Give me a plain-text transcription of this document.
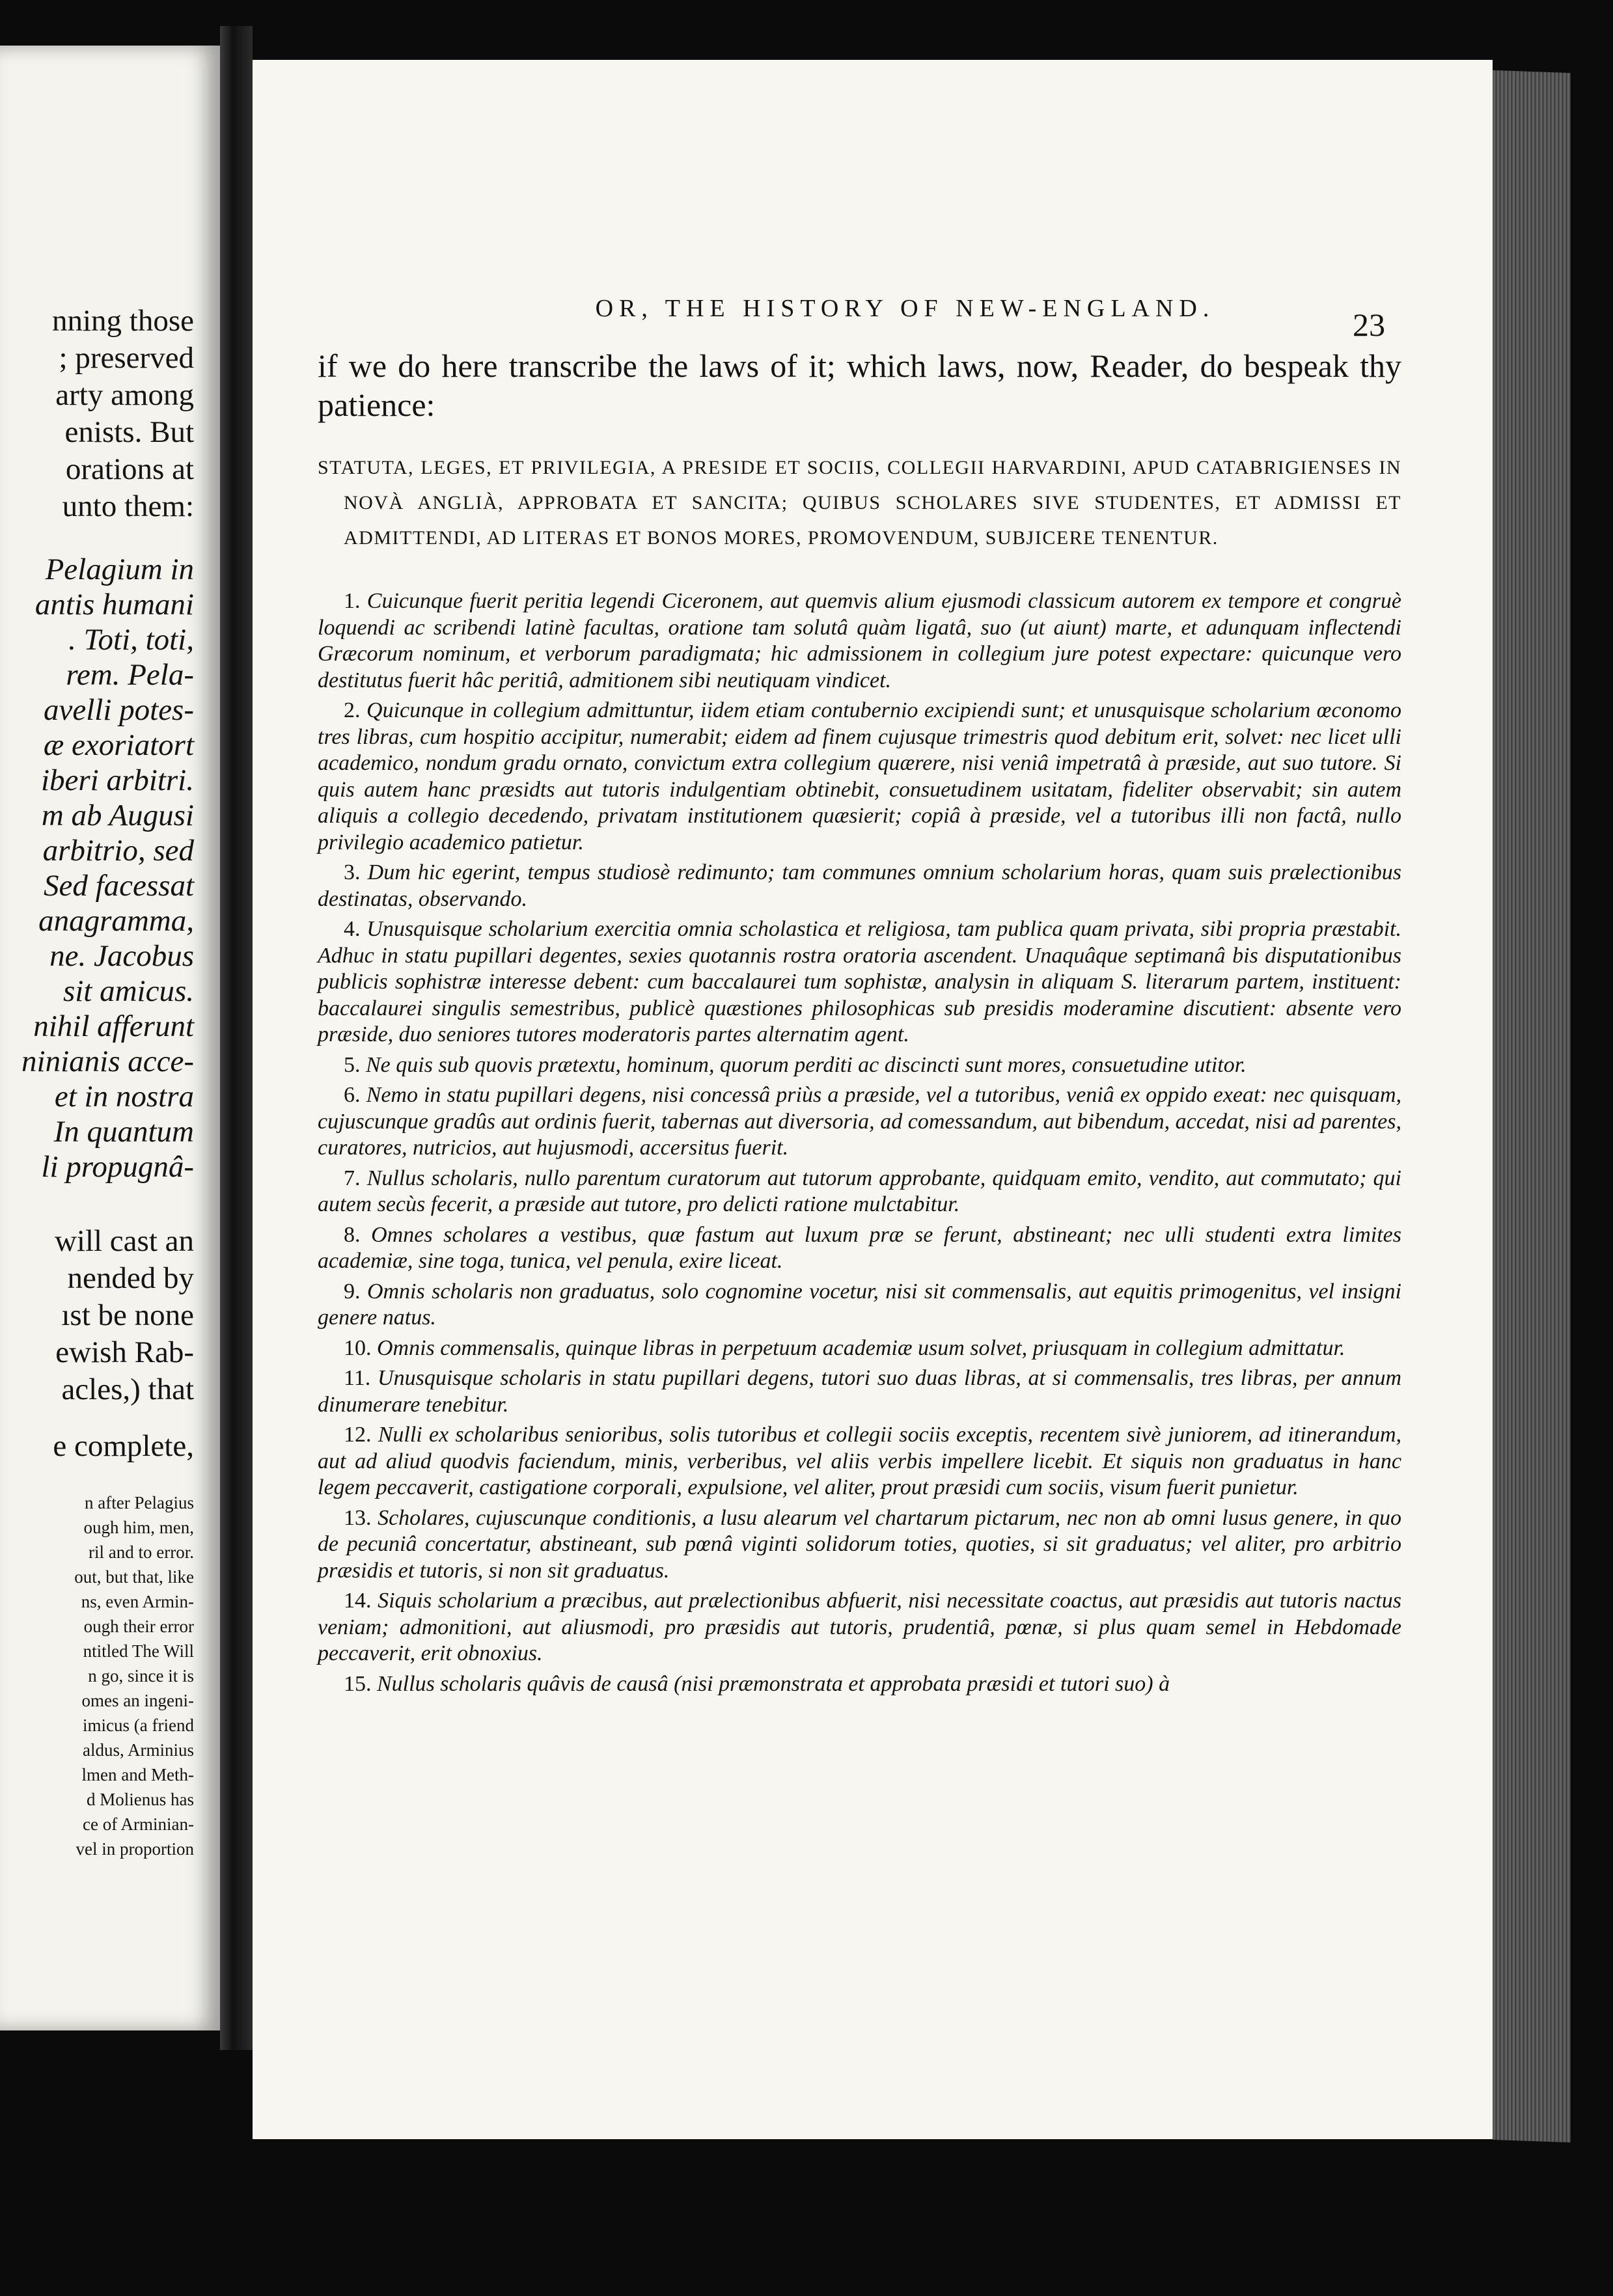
nning those
; preserved
arty among
enists. But
orations at
unto them:
Pelagium in
antis humani
. Toti, toti,
rem. Pela-
avelli potes-
æ exoriatort
iberi arbitri.
m ab Augusi
arbitrio, sed
Sed facessat
anagramma,
ne. Jacobus
sit amicus.
nihil afferunt
ninianis acce-
et in nostra
In quantum
li propugnâ-
will cast an
nended by
ıst be none
ewish Rab-
acles,) that
e complete,
n after Pelagius
ough him, men,
ril and to error.
out, but that, like
ns, even Armin-
ough their error
ntitled The Will
n go, since it is
omes an ingeni-
imicus (a friend
aldus, Arminius
lmen and Meth-
d Molienus has
ce of Arminian-
vel in proportion
OR, THE HISTORY OF NEW-ENGLAND.	23
if we do here transcribe the laws of it; which laws, now, Reader, do bespeak thy patience:
STATUTA, LEGES, ET PRIVILEGIA, A PRESIDE ET SOCIIS, COLLEGII HARVARDINI, APUD CATABRIGIENSES IN NOVÀ ANGLIÀ, APPROBATA ET SANCITA; QUIBUS SCHOLARES SIVE STUDENTES, ET ADMISSI ET ADMITTENDI, AD LITERAS ET BONOS MORES, PROMOVENDUM, SUBJICERE TENENTUR.

1. Cuicunque fuerit peritia legendi Ciceronem, aut quemvis alium ejusmodi classicum autorem ex tempore et congruè loquendi ac scribendi latinè facultas, oratione tam solutâ quàm ligatâ, suo (ut aiunt) marte, et adunquam inflectendi Græcorum nominum, et verborum paradigmata; hic admissionem in collegium jure potest expectare: quicunque vero destitutus fuerit hâc peritiâ, admitionem sibi neutiquam vindicet.

2. Quicunque in collegium admittuntur, iidem etiam contubernio excipiendi sunt; et unusquisque scholarium œconomo tres libras, cum hospitio accipitur, numerabit; eidem ad finem cujusque trimestris quod debitum erit, solvet: nec licet ulli academico, nondum gradu ornato, convictum extra collegium quærere, nisi veniâ impetratâ à præside, aut suo tutore. Si quis autem hanc præsidts aut tutoris indulgentiam obtinebit, consuetudinem usitatam, fideliter observabit; sin autem aliquis a collegio decedendo, privatam institutionem quæsierit; copiâ à præside, vel a tutoribus illi non factâ, nullo privilegio academico patietur.

3. Dum hic egerint, tempus studiosè redimunto; tam communes omnium scholarium horas, quam suis prælectionibus destinatas, observando.

4. Unusquisque scholarium exercitia omnia scholastica et religiosa, tam publica quam privata, sibi propria præstabit. Adhuc in statu pupillari degentes, sexies quotannis rostra oratoria ascendent. Unaquâque septimanâ bis disputationibus publicis sophistræ interesse debent: cum baccalaurei tum sophistæ, analysin in aliquam S. literarum partem, instituent: baccalaurei singulis semestribus, publicè quæstiones philosophicas sub presidis moderamine discutient: absente vero præside, duo seniores tutores moderatoris partes alternatim agent.

5. Ne quis sub quovis prætextu, hominum, quorum perditi ac discincti sunt mores, consuetudine utitor.

6. Nemo in statu pupillari degens, nisi concessâ priùs a præside, vel a tutoribus, veniâ ex oppido exeat: nec quisquam, cujuscunque gradûs aut ordinis fuerit, tabernas aut diversoria, ad comessandum, aut bibendum, accedat, nisi ad parentes, curatores, nutricios, aut hujusmodi, accersitus fuerit.

7. Nullus scholaris, nullo parentum curatorum aut tutorum approbante, quidquam emito, vendito, aut commutato; qui autem secùs fecerit, a præside aut tutore, pro delicti ratione mulctabitur.

8. Omnes scholares a vestibus, quæ fastum aut luxum præ se ferunt, abstineant; nec ulli studenti extra limites academiæ, sine toga, tunica, vel penula, exire liceat.

9. Omnis scholaris non graduatus, solo cognomine vocetur, nisi sit commensalis, aut equitis primogenitus, vel insigni genere natus.

10. Omnis commensalis, quinque libras in perpetuum academiæ usum solvet, priusquam in collegium admittatur.

11. Unusquisque scholaris in statu pupillari degens, tutori suo duas libras, at si commensalis, tres libras, per annum dinumerare tenebitur.

12. Nulli ex scholaribus senioribus, solis tutoribus et collegii sociis exceptis, recentem sivè juniorem, ad itinerandum, aut ad aliud quodvis faciendum, minis, verberibus, vel aliis verbis impellere licebit. Et siquis non graduatus in hanc legem peccaverit, castigatione corporali, expulsione, vel aliter, prout præsidi cum sociis, visum fuerit punietur.

13. Scholares, cujuscunque conditionis, a lusu alearum vel chartarum pictarum, nec non ab omni lusus genere, in quo de pecuniâ concertatur, abstineant, sub pœnâ viginti solidorum toties, quoties, si sit graduatus; vel aliter, pro arbitrio præsidis et tutoris, si non sit graduatus.

14. Siquis scholarium a præcibus, aut prælectionibus abfuerit, nisi necessitate coactus, aut præsidis aut tutoris nactus veniam; admonitioni, aut aliusmodi, pro præsidis aut tutoris, prudentiâ, pœnæ, si plus quam semel in Hebdomade peccaverit, erit obnoxius.

15. Nullus scholaris quâvis de causâ (nisi præmonstrata et approbata præsidi et tutori suo) à
